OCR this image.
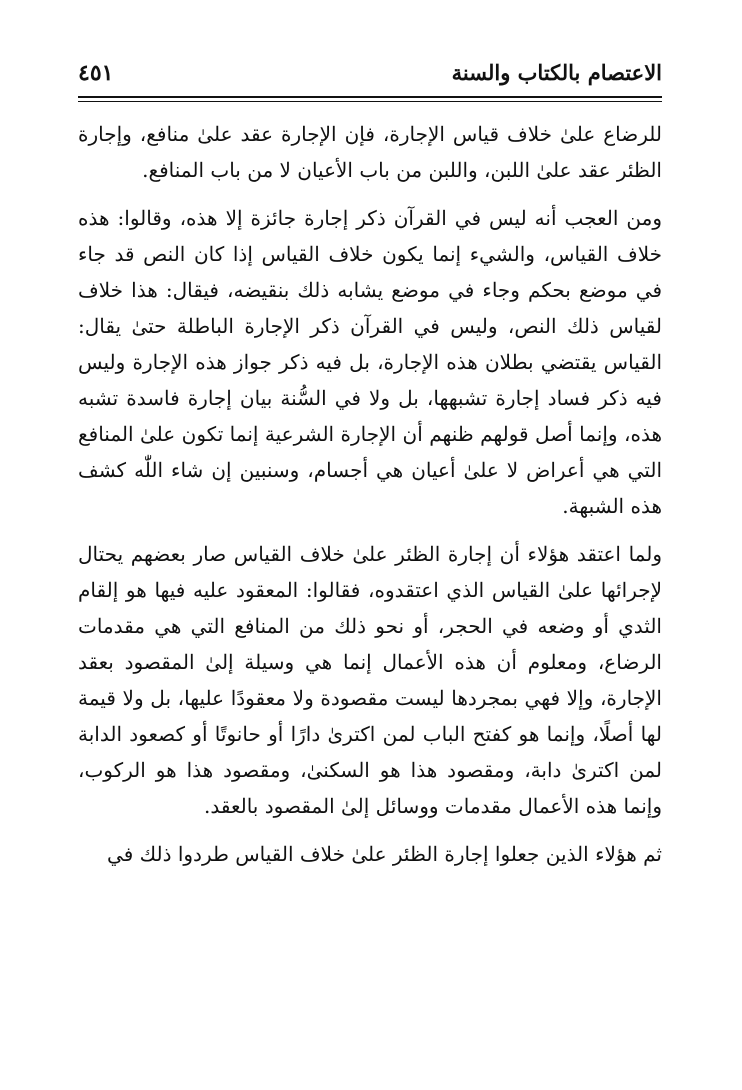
الاعتصام بالكتاب والسنة
٤٥١

للرضاع علىٰ خلاف قياس الإجارة، فإن الإجارة عقد علىٰ منافع، وإجارة الظئر عقد علىٰ اللبن، واللبن من باب الأعيان لا من باب المنافع.

ومن العجب أنه ليس في القرآن ذكر إجارة جائزة إلا هذه، وقالوا: هذه خلاف القياس، والشيء إنما يكون خلاف القياس إذا كان النص قد جاء في موضع بحكم وجاء في موضع يشابه ذلك بنقيضه، فيقال: هذا خلاف لقياس ذلك النص، وليس في القرآن ذكر الإجارة الباطلة حتىٰ يقال: القياس يقتضي بطلان هذه الإجارة، بل فيه ذكر جواز هذه الإجارة وليس فيه ذكر فساد إجارة تشبهها، بل ولا في السُّنة بيان إجارة فاسدة تشبه هذه، وإنما أصل قولهم ظنهم أن الإجارة الشرعية إنما تكون علىٰ المنافع التي هي أعراض لا علىٰ أعيان هي أجسام، وسنبين إن شاء اللّٰه كشف هذه الشبهة.

ولما اعتقد هؤلاء أن إجارة الظئر علىٰ خلاف القياس صار بعضهم يحتال لإجرائها علىٰ القياس الذي اعتقدوه، فقالوا: المعقود عليه فيها هو إلقام الثدي أو وضعه في الحجر، أو نحو ذلك من المنافع التي هي مقدمات الرضاع، ومعلوم أن هذه الأعمال إنما هي وسيلة إلىٰ المقصود بعقد الإجارة، وإلا فهي بمجردها ليست مقصودة ولا معقودًا عليها، بل ولا قيمة لها أصلًا، وإنما هو كفتح الباب لمن اكترىٰ دارًا أو حانوتًا أو كصعود الدابة لمن اكترىٰ دابة، ومقصود هذا هو السكنىٰ، ومقصود هذا هو الركوب، وإنما هذه الأعمال مقدمات ووسائل إلىٰ المقصود بالعقد.

ثم هؤلاء الذين جعلوا إجارة الظئر علىٰ خلاف القياس طردوا ذلك في
